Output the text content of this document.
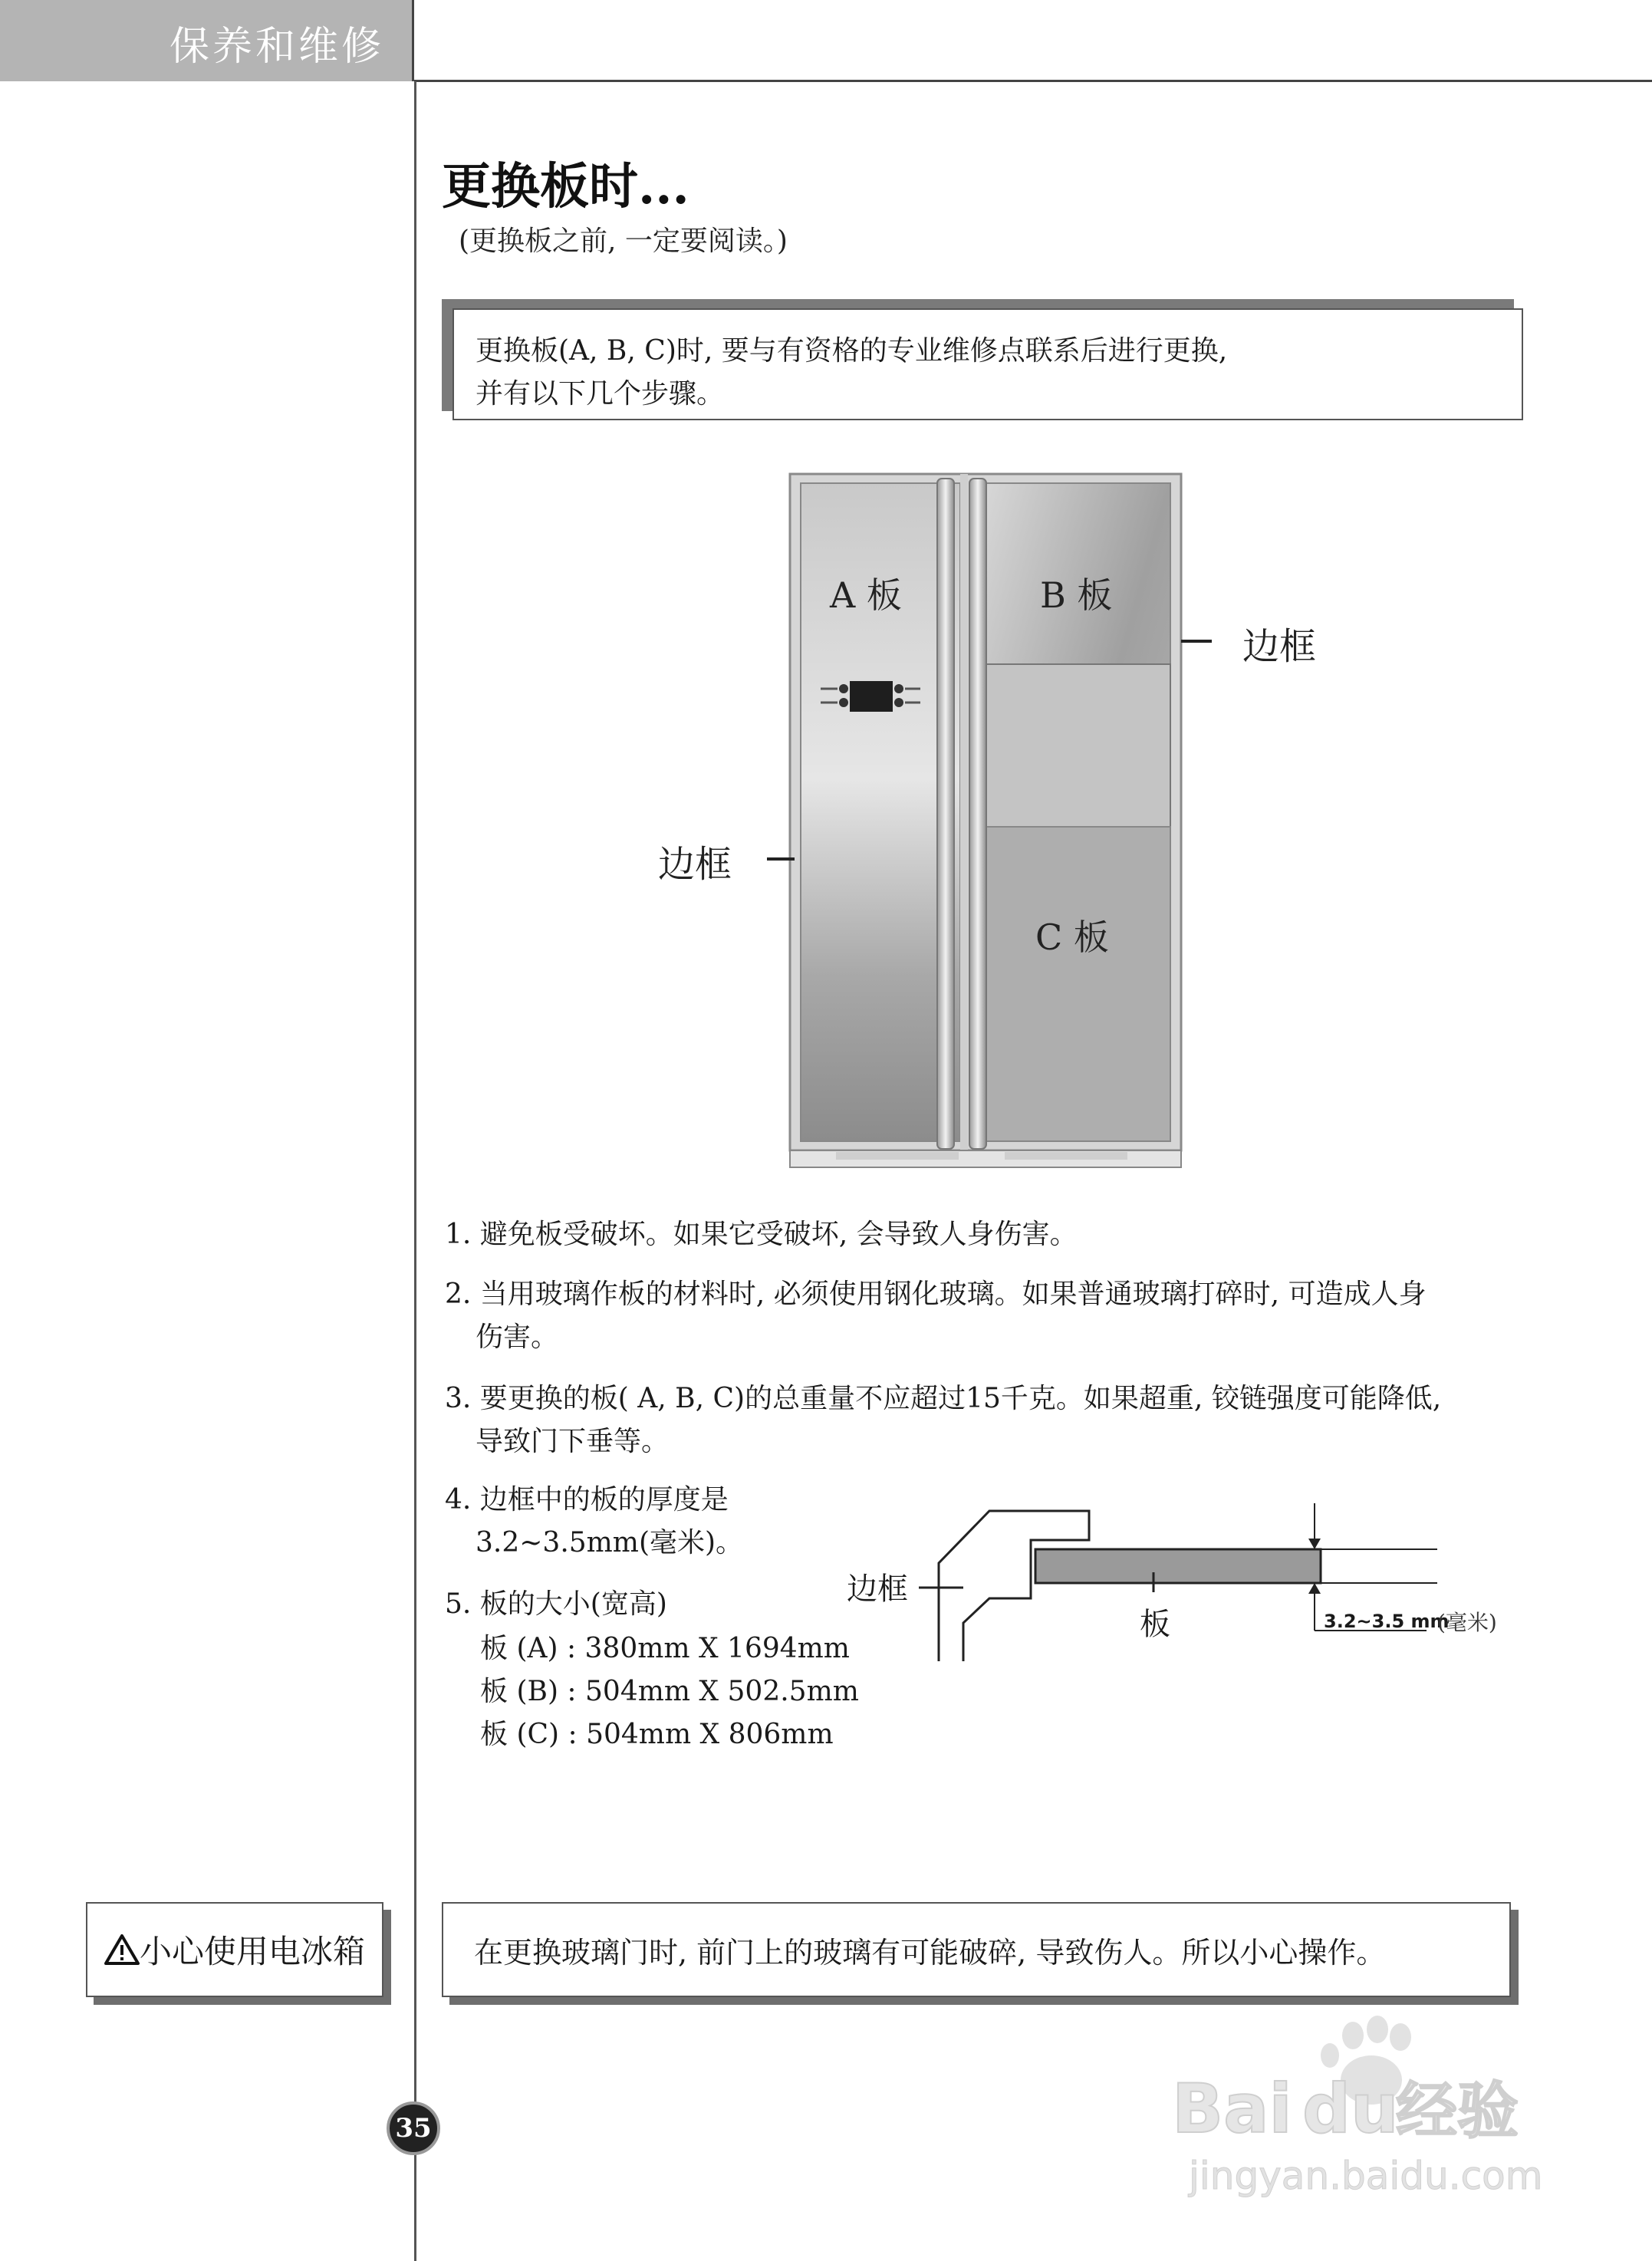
保养和维修
更换板时...
(更换板之前, 一定要阅读。)
更换板(A, B, C)时, 要与有资格的专业维修点联系后进行更换,
并有以下几个步骤。
A 板	B 板
C 板
边框
边框
1. 避免板受破坏。如果它受破坏, 会导致人身伤害。
2. 当用玻璃作板的材料时, 必须使用钢化玻璃。如果普通玻璃打碎时, 可造成人身
伤害。
3. 要更换的板( A, B, C)的总重量不应超过15千克。如果超重, 铰链强度可能降低,
导致门下垂等。
4. 边框中的板的厚度是
3.2~3.5mm(毫米)。
5. 板的大小(宽高)
板 (A) : 380mm X 1694mm
板 (B) : 504mm X 502.5mm
板 (C) : 504mm X 806mm
边框
板	3.2~3.5 mm
(毫米)
小心使用电冰箱	在更换玻璃门时, 前门上的玻璃有可能破碎, 导致伤人。所以小心操作。
35	Bai du
经验
jingyan.baidu.com
